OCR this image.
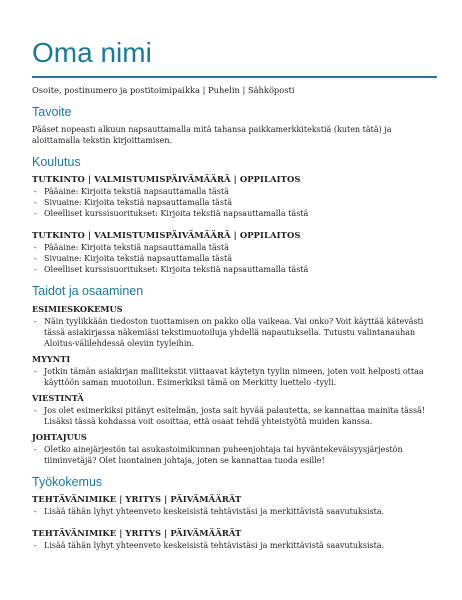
Oma nimi
Osoite, postinumero ja postitoimipaikka | Puhelin | Sähköposti
Tavoite
Pääset nopeasti alkuun napsauttamalla mitä tahansa paikkamerkkitekstiä (kuten tätä) ja aloittamalla tekstin kirjoittamisen.
Koulutus
TUTKINTO | VALMISTUMISPÄIVÄMÄÄRÄ | OPPILAITOS
- Pääaine: Kirjoita tekstiä napsauttamalla tästä
- Sivuaine: Kirjoita tekstiä napsauttamalla tästä
- Oleelliset kurssisuoritukset: Kirjoita tekstiä napsauttamalla tästä
TUTKINTO | VALMISTUMISPÄIVÄMÄÄRÄ | OPPILAITOS
- Pääaine: Kirjoita tekstiä napsauttamalla tästä
- Sivuaine: Kirjoita tekstiä napsauttamalla tästä
- Oleelliset kurssisuoritukset: Kirjoita tekstiä napsauttamalla tästä
Taidot ja osaaminen
ESIMIESKOKEMUS
- Näin tyylikkään tiedoston tuottamisen on pakko olla vaikeaa. Vai onko? Voit käyttää kätevästi tässä asiakirjassa näkemiäsi tekstimuotoiluja yhdellä napautuksella. Tutustu valintanauhan Aloitus-välilehdessä oleviin tyyleihin.
MYYNTI
- Jotkin tämän asiakirjan mallitekstit viittaavat käytetyn tyylin nimeen, joten voit helposti ottaa käyttöön saman muotoilun. Esimerkiksi tämä on Merkitty luettelo -tyyli.
VIESTINTÄ
- Jos olet esimerkiksi pitänyt esitelmän, josta sait hyvää palautetta, se kannattaa mainita tässä! Lisäksi tässä kohdassa voit osoittaa, että osaat tehdä yhteistyötä muiden kanssa.
JOHTAJUUS
- Oletko ainejärjestön tai asukastoimikunnan puheenjohtaja tai hyväntekeväisyysjärjestön tiiminvetäjä? Olet luontainen johtaja, joten se kannattaa tuoda esille!
Työkokemus
TEHTÄVÄNIMIKE | YRITYS | PÄIVÄMÄÄRÄT
- Lisää tähän lyhyt yhteenveto keskeisistä tehtävistäsi ja merkittävistä saavutuksista.
TEHTÄVÄNIMIKE | YRITYS | PÄIVÄMÄÄRÄT
- Lisää tähän lyhyt yhteenveto keskeisistä tehtävistäsi ja merkittävistä saavutuksista.
